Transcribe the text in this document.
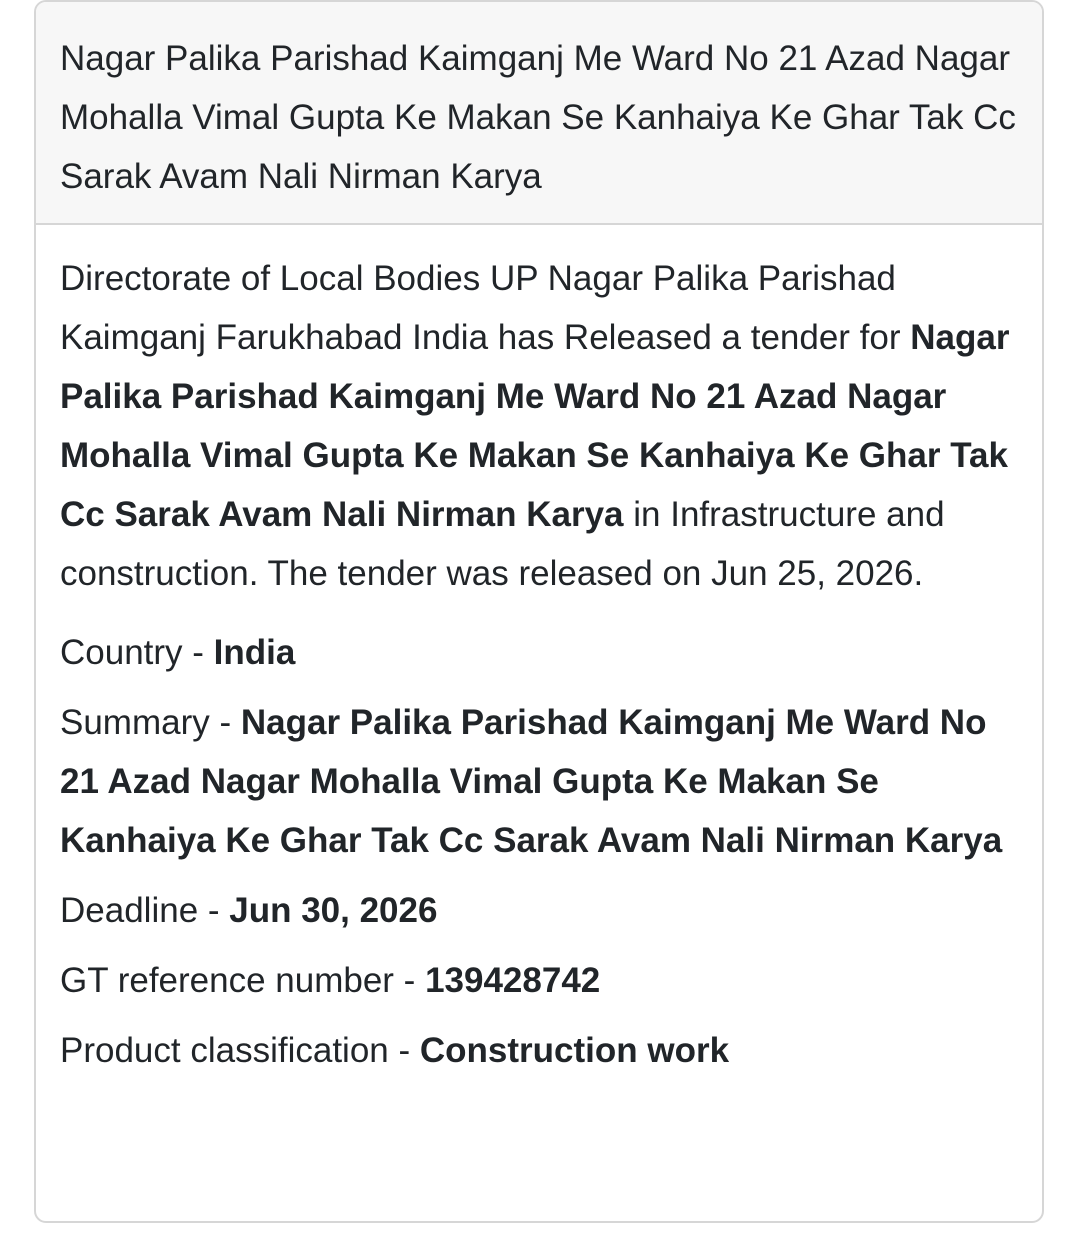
Nagar Palika Parishad Kaimganj Me Ward No 21 Azad Nagar Mohalla Vimal Gupta Ke Makan Se Kanhaiya Ke Ghar Tak Cc Sarak Avam Nali Nirman Karya

Directorate of Local Bodies UP Nagar Palika Parishad Kaimganj Farukhabad India has Released a tender for Nagar Palika Parishad Kaimganj Me Ward No 21 Azad Nagar Mohalla Vimal Gupta Ke Makan Se Kanhaiya Ke Ghar Tak Cc Sarak Avam Nali Nirman Karya in Infrastructure and construction. The tender was released on Jun 25, 2026.

Country - India

Summary - Nagar Palika Parishad Kaimganj Me Ward No 21 Azad Nagar Mohalla Vimal Gupta Ke Makan Se Kanhaiya Ke Ghar Tak Cc Sarak Avam Nali Nirman Karya

Deadline - Jun 30, 2026

GT reference number - 139428742

Product classification - Construction work
